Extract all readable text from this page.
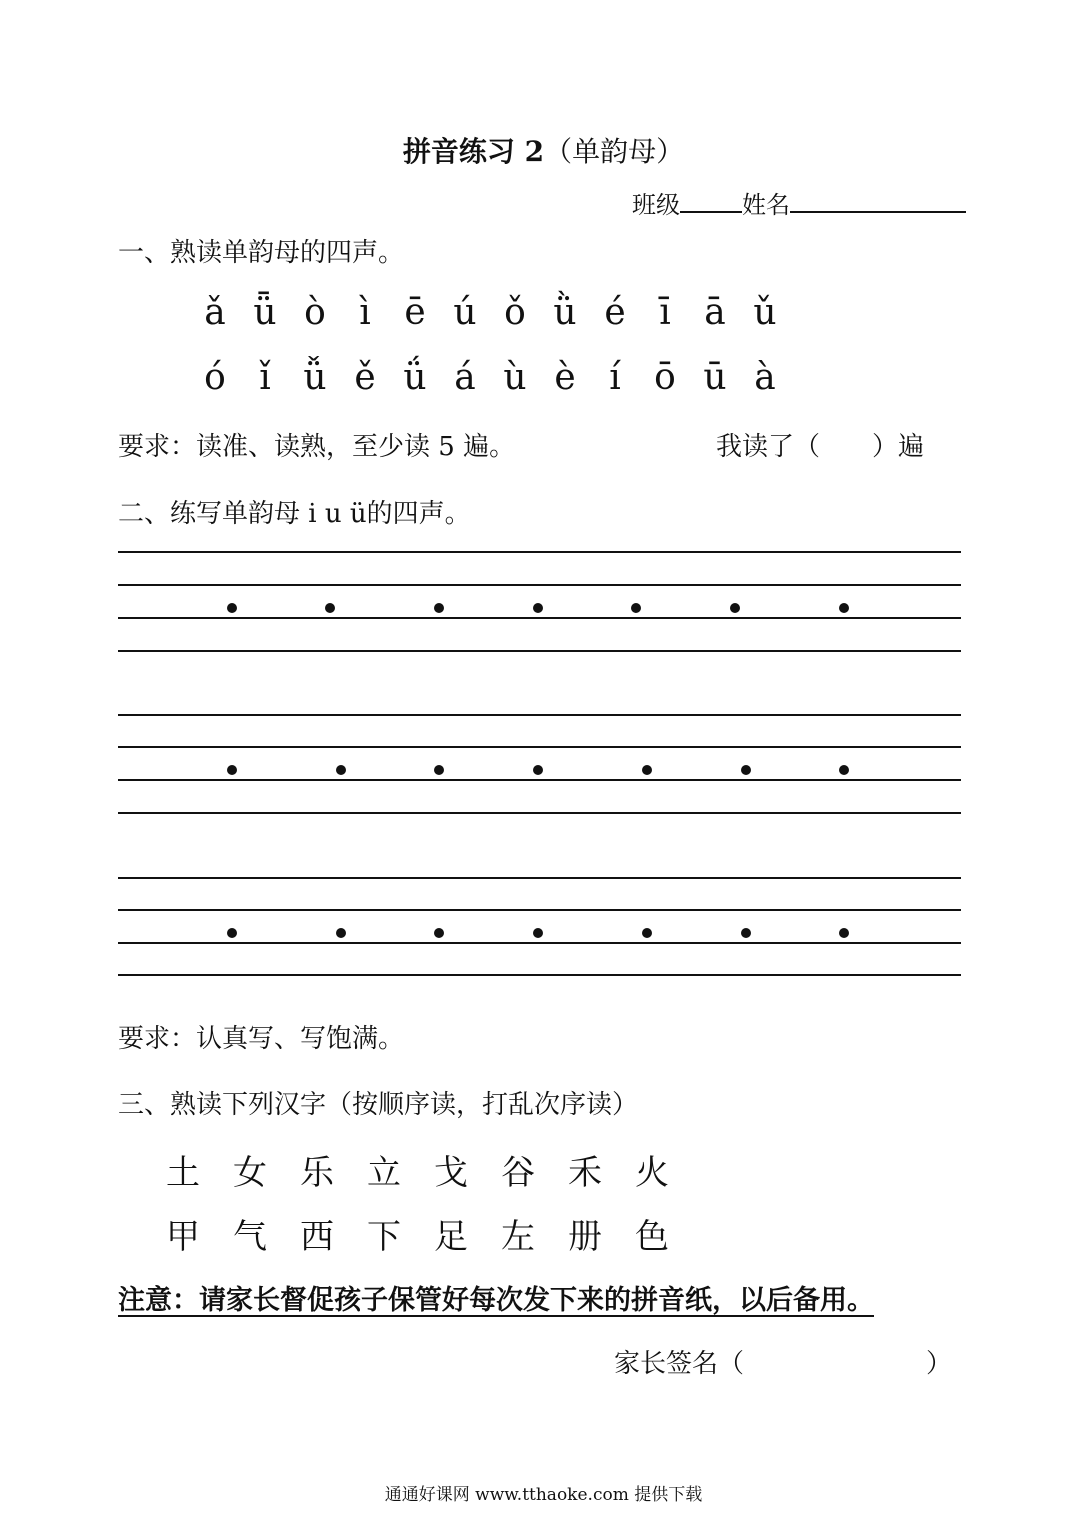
拼音练习 2（单韵母）
班级	姓名
一、熟读单韵母的四声。
ǎ ǖ ò ì ē ú ǒ ǜ é ī ā ǔ
ó ǐ ǚ ě ǘ á ù è í ō ū à
要求：读准、读熟，至少读 5 遍。	我读了（　　）遍
二、练写单韵母 i u ü的四声。
要求：认真写、写饱满。
三、熟读下列汉字（按顺序读，打乱次序读）
土 女 乐 立 戈 谷 禾 火
甲 气 西 下 足 左 册 色
注意：请家长督促孩子保管好每次发下来的拼音纸，以后备用。
家长签名（　　　　　　　）
通通好课网 www.tthaoke.com 提供下载
